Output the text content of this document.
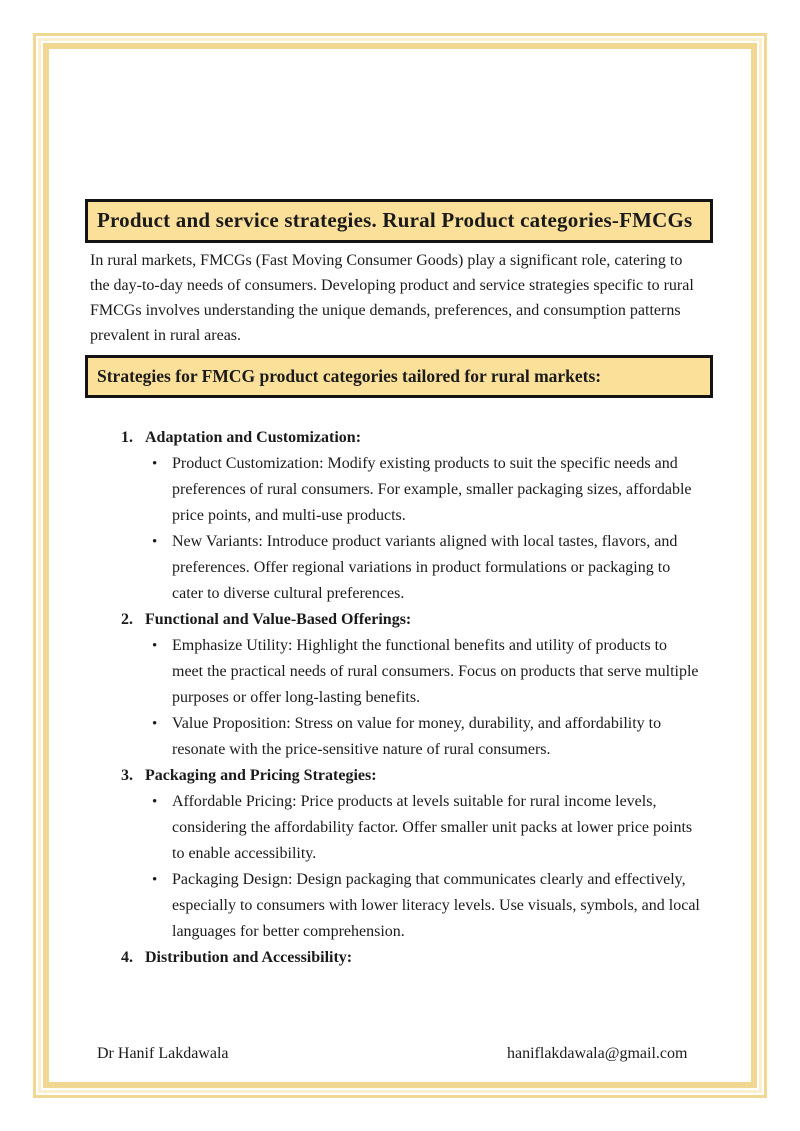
Product and service strategies. Rural Product categories-FMCGs

In rural markets, FMCGs (Fast Moving Consumer Goods) play a significant role, catering to the day-to-day needs of consumers. Developing product and service strategies specific to rural FMCGs involves understanding the unique demands, preferences, and consumption patterns prevalent in rural areas.

Strategies for FMCG product categories tailored for rural markets:
1. Adaptation and Customization:
• Product Customization: Modify existing products to suit the specific needs and preferences of rural consumers. For example, smaller packaging sizes, affordable price points, and multi-use products.
• New Variants: Introduce product variants aligned with local tastes, flavors, and preferences. Offer regional variations in product formulations or packaging to cater to diverse cultural preferences.
2. Functional and Value-Based Offerings:
• Emphasize Utility: Highlight the functional benefits and utility of products to meet the practical needs of rural consumers. Focus on products that serve multiple purposes or offer long-lasting benefits.
• Value Proposition: Stress on value for money, durability, and affordability to resonate with the price-sensitive nature of rural consumers.
3. Packaging and Pricing Strategies:
• Affordable Pricing: Price products at levels suitable for rural income levels, considering the affordability factor. Offer smaller unit packs at lower price points to enable accessibility.
• Packaging Design: Design packaging that communicates clearly and effectively, especially to consumers with lower literacy levels. Use visuals, symbols, and local languages for better comprehension.
4. Distribution and Accessibility:
Dr Hanif Lakdawala	haniflakdawala@gmail.com
